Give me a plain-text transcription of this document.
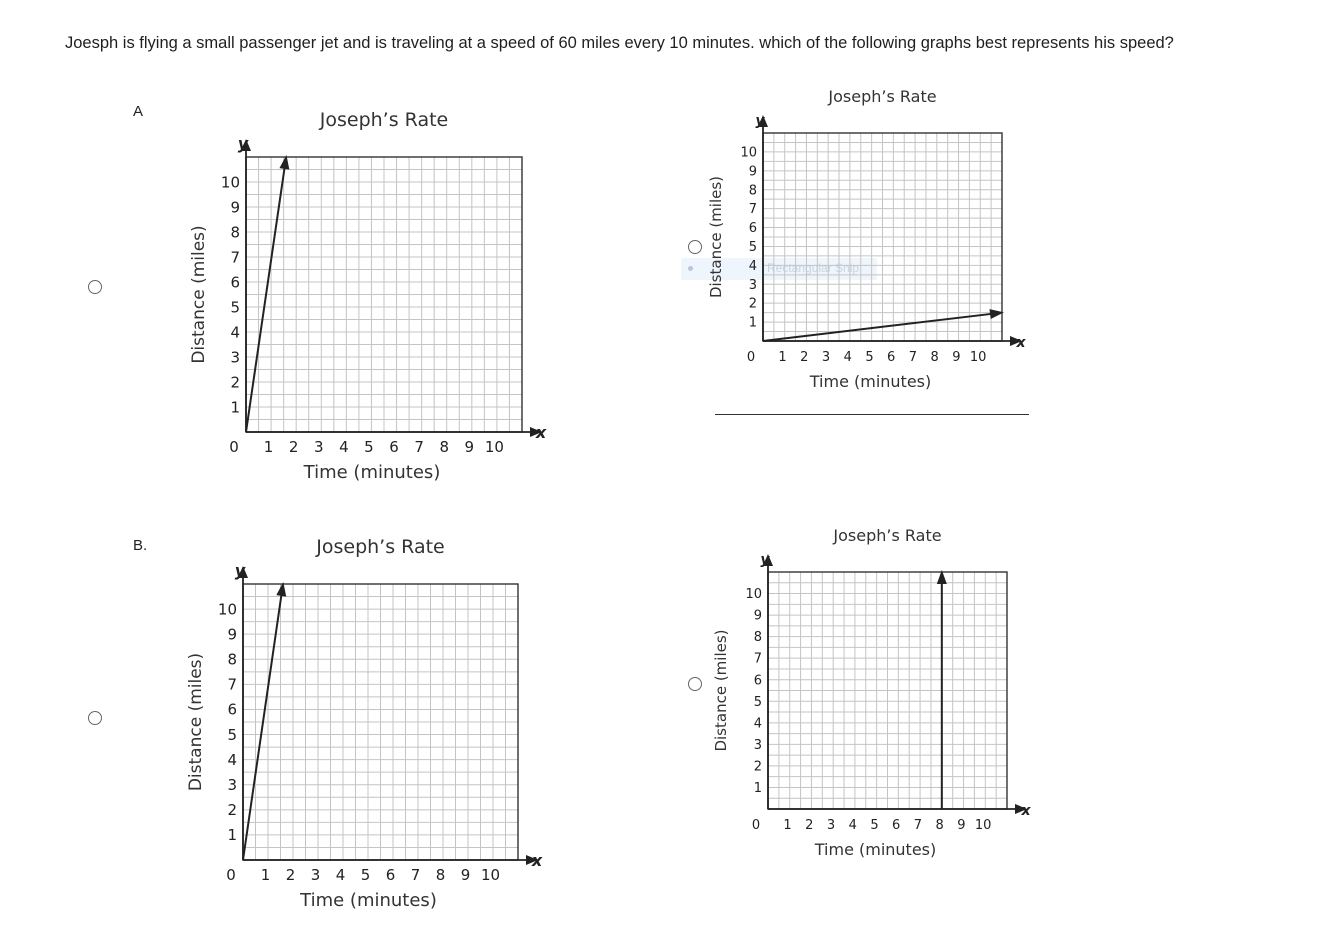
Joesph is flying a small passenger jet and is traveling at a speed of 60 miles every 10 minutes. which of the following graphs best represents his speed?
A
B.
Rectangular Snip
Joseph’s Rate
y
x
0 1 2 3 4 5 6 7 8 9 10
1
2
3
4
5
6
7
8
9
10
Time (minutes)
Distance (miles)
Joseph’s Rate
y
x
0 1 2 3 4 5 6 7 8 9 10
1
2
3
4
5
6
7
8
9
10
Time (minutes)
Distance (miles)
Joseph’s Rate
y
x
0 1 2 3 4 5 6 7 8 9 10
1
2
3
4
5
6
7
8
9
10
Time (minutes)
Distance (miles)
Joseph’s Rate
y
x
0 1 2 3 4 5 6 7 8 9 10
1
2
3
4
5
6
7
8
9
10
Time (minutes)
Distance (miles)
